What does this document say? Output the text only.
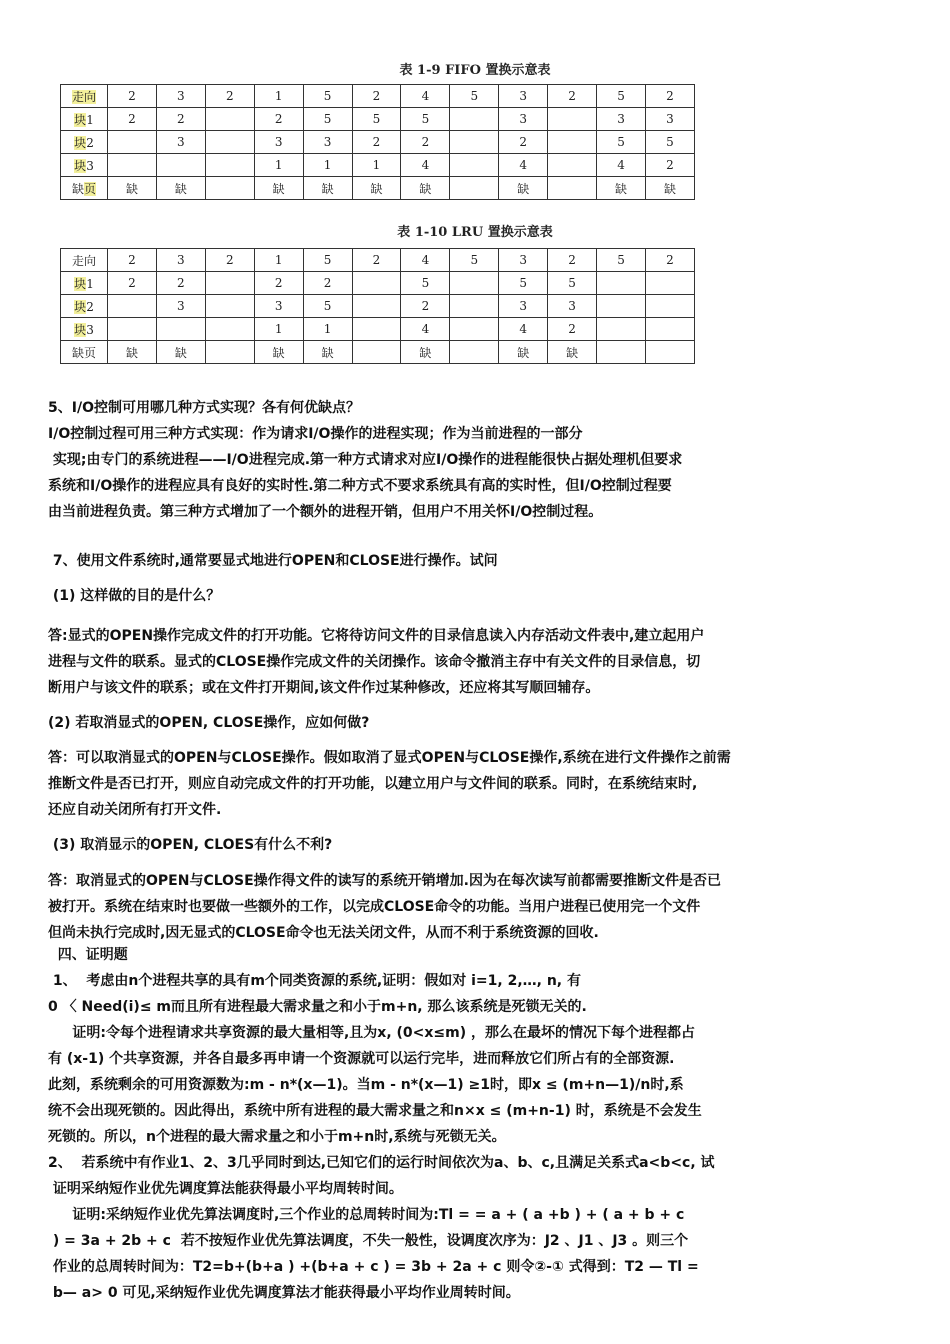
表 1-9 FIFO 置换示意表
走向	2	3	2	1	5	2	4	5	3	2	5	2
块1	2	2		2	5	5	5		3		3	3
块2		3		3	3	2	2		2		5	5
块3				1	1	1	4		4		4	2
缺页	缺	缺		缺	缺	缺	缺		缺		缺	缺
表 1-10 LRU 置换示意表
走向	2	3	2	1	5	2	4	5	3	2	5	2
块1	2	2		2	2		5		5	5		
块2		3		3	5		2		3	3		
块3				1	1		4		4	2		
缺页	缺	缺		缺	缺		缺		缺	缺		
5、I/O控制可用哪几种方式实现？各有何优缺点？
I/O控制过程可用三种方式实现：作为请求I/O操作的进程实现；作为当前进程的一部分
实现;由专门的系统进程——I/O进程完成.第一种方式请求对应I/O操作的进程能很快占据处理机但要求
系统和I/O操作的进程应具有良好的实时性.第二种方式不要求系统具有高的实时性，但I/O控制过程要
由当前进程负责。第三种方式增加了一个额外的进程开销，但用户不用关怀I/O控制过程。
7、使用文件系统时,通常要显式地进行OPEN和CLOSE进行操作。试问
(1) 这样做的目的是什么？
答:显式的OPEN操作完成文件的打开功能。它将待访问文件的目录信息读入内存活动文件表中,建立起用户
进程与文件的联系。显式的CLOSE操作完成文件的关闭操作。该命令撤消主存中有关文件的目录信息，切
断用户与该文件的联系；或在文件打开期间,该文件作过某种修改，还应将其写顺回辅存。
(2) 若取消显式的OPEN, CLOSE操作，应如何做?
答：可以取消显式的OPEN与CLOSE操作。假如取消了显式OPEN与CLOSE操作,系统在进行文件操作之前需
推断文件是否已打开，则应自动完成文件的打开功能，以建立用户与文件间的联系。同时，在系统结束时,
还应自动关闭所有打开文件.
(3) 取消显示的OPEN, CLOES有什么不利?
答：取消显式的OPEN与CLOSE操作得文件的读写的系统开销增加.因为在每次读写前都需要推断文件是否已
被打开。系统在结束时也要做一些额外的工作，以完成CLOSE命令的功能。当用户进程已使用完一个文件
但尚未执行完成时,因无显式的CLOSE命令也无法关闭文件，从而不利于系统资源的回收.
四、证明题
1、  考虑由n个进程共享的具有m个同类资源的系统,证明：假如对 i=1, 2,…, n, 有
0 〈 Need(i)≤ m而且所有进程最大需求量之和小于m+n, 那么该系统是死锁无关的.
证明:令每个进程请求共享资源的最大量相等,且为x, (0<x≤m) ，那么在最坏的情况下每个进程都占
有 (x-1) 个共享资源，并各自最多再申请一个资源就可以运行完毕，进而释放它们所占有的全部资源.
此刻，系统剩余的可用资源数为:m - n*(x—1)。当m - n*(x—1) ≥1时，即x ≤ (m+n—1)/n时,系
统不会出现死锁的。因此得出，系统中所有进程的最大需求量之和n×x ≤ (m+n-1) 时，系统是不会发生
死锁的。所以，n个进程的最大需求量之和小于m+n时,系统与死锁无关。
2、  若系统中有作业1、2、3几乎同时到达,已知它们的运行时间依次为a、b、c,且满足关系式a<b<c, 试
证明采纳短作业优先调度算法能获得最小平均周转时间。
证明:采纳短作业优先算法调度时,三个作业的总周转时间为:Tl = = a + ( a +b ) + ( a + b + c
) = 3a + 2b + c  若不按短作业优先算法调度，不失一般性，设调度次序为：J2 、J1 、J3 。则三个
作业的总周转时间为：T2=b+(b+a ) +(b+a + c ) = 3b + 2a + c 则令②-① 式得到：T2 — Tl =
b— a> 0 可见,采纳短作业优先调度算法才能获得最小平均作业周转时间。
